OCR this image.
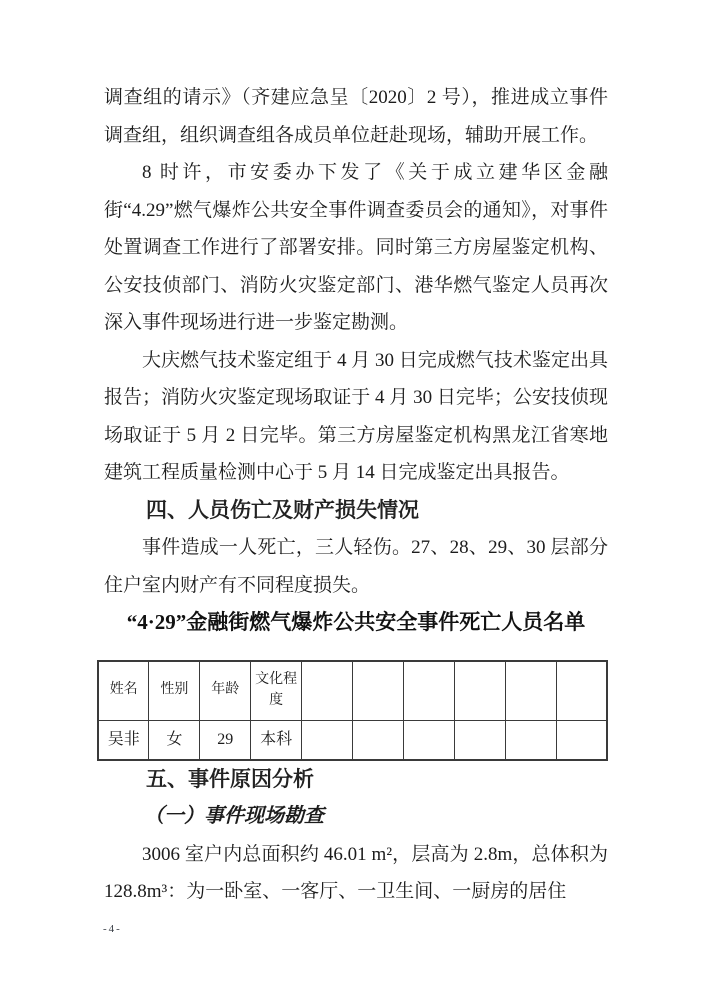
调查组的请示》（齐建应急呈〔2020〕2 号），推进成立事件调查组，组织调查组各成员单位赶赴现场，辅助开展工作。

8 时许，市安委办下发了《关于成立建华区金融街“4.29”燃气爆炸公共安全事件调查委员会的通知》，对事件处置调查工作进行了部署安排。同时第三方房屋鉴定机构、公安技侦部门、消防火灾鉴定部门、港华燃气鉴定人员再次深入事件现场进行进一步鉴定勘测。

大庆燃气技术鉴定组于 4 月 30 日完成燃气技术鉴定出具报告；消防火灾鉴定现场取证于 4 月 30 日完毕；公安技侦现场取证于 5 月 2 日完毕。第三方房屋鉴定机构黑龙江省寒地建筑工程质量检测中心于 5 月 14 日完成鉴定出具报告。

四、人员伤亡及财产损失情况

事件造成一人死亡，三人轻伤。27、28、29、30 层部分住户室内财产有不同程度损失。

“4·29”金融街燃气爆炸公共安全事件死亡人员名单
姓名	性别	年龄	文化程度						
吴非	女	29	本科						
五、事件原因分析
（一）事件现场勘查

3006 室户内总面积约 46.01 m²，层高为 2.8m，总体积为 128.8m³：为一卧室、一客厅、一卫生间、一厨房的居住

-4-
